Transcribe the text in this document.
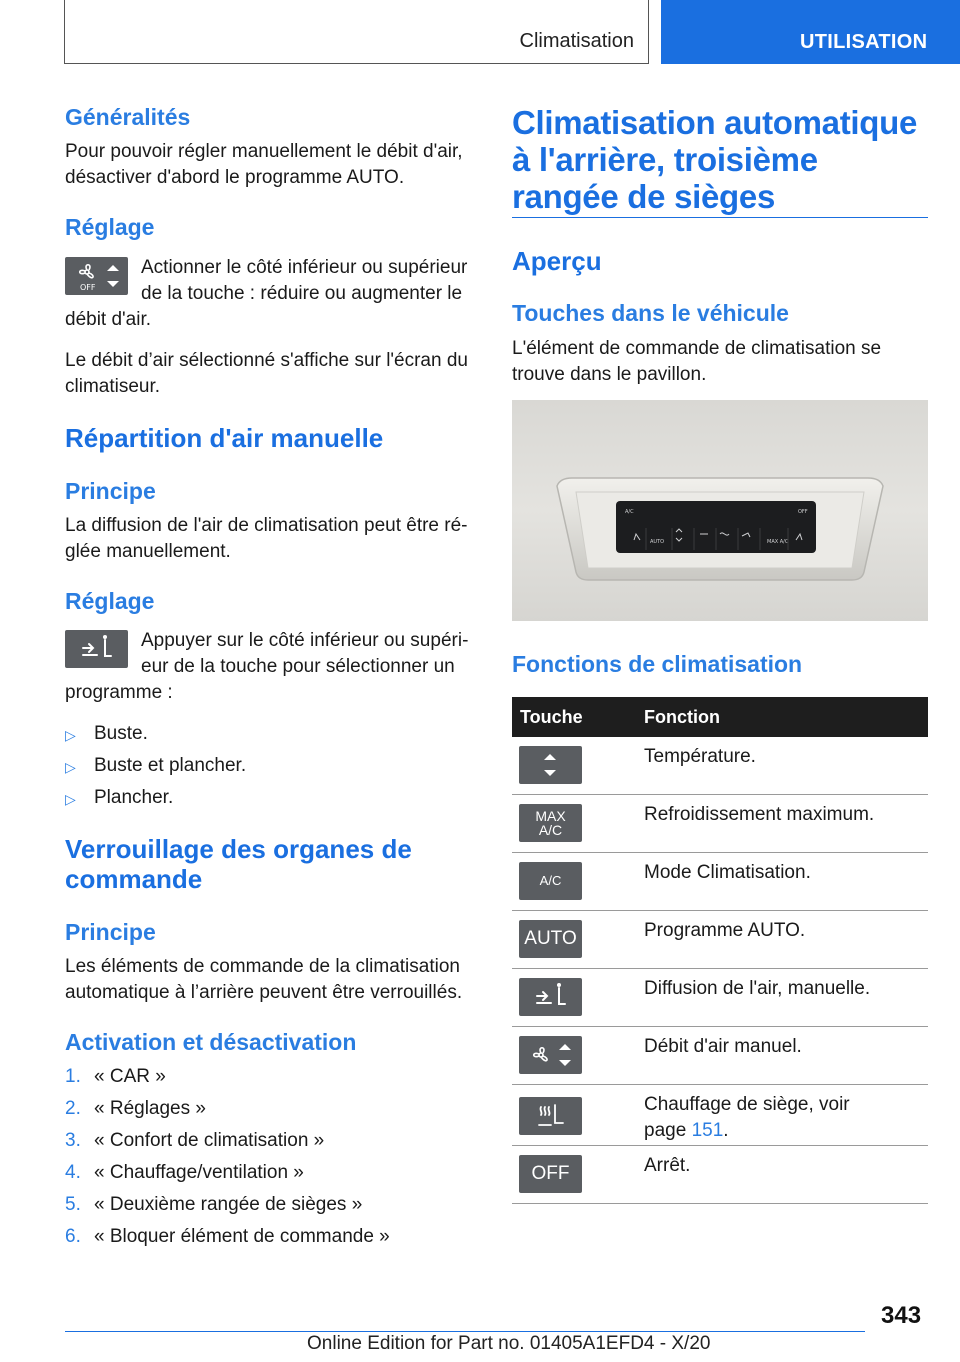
Climatisation	UTILISATION
Généralités
Pour pouvoir régler manuellement le débit d'air, désactiver d'abord le programme AUTO.
Réglage
OFF
Actionner le côté inférieur ou supérieur de la touche : réduire ou augmenter le
débit d'air.
Le débit d’air sélectionné s'affiche sur l'écran du climatiseur.
Répartition d'air manuelle
Principe
La diffusion de l'air de climatisation peut être réglée manuellement.
Réglage
Appuyer sur le côté inférieur ou supérieur de la touche pour sélectionner un
programme :
▷ Buste.
▷ Buste et plancher.
▷ Plancher.
Verrouillage des organes de commande
Principe
Les éléments de commande de la climatisation automatique à l’arrière peuvent être verrouillés.
Activation et désactivation
1. « CAR »
2. « Réglages »
3. « Confort de climatisation »
4. « Chauffage/ventilation »
5. « Deuxième rangée de sièges »
6. « Bloquer élément de commande »
Climatisation automatique à l'arrière, troisième rangée de sièges
Aperçu
Touches dans le véhicule
L'élément de commande de climatisation se trouve dans le pavillon.
A/C	OFF
AUTO	MAX A/C
Fonctions de climatisation
Touche	Fonction

	Température.

MAX
A/C	Refroidissement maximum.

A/C	Mode Climatisation.

AUTO	Programme AUTO.

	Diffusion de l'air, manuelle.

	Débit d'air manuel.

	Chauffage de siège, voir
page 151.

OFF	Arrêt.
343
Online Edition for Part no. 01405A1EFD4 - X/20
